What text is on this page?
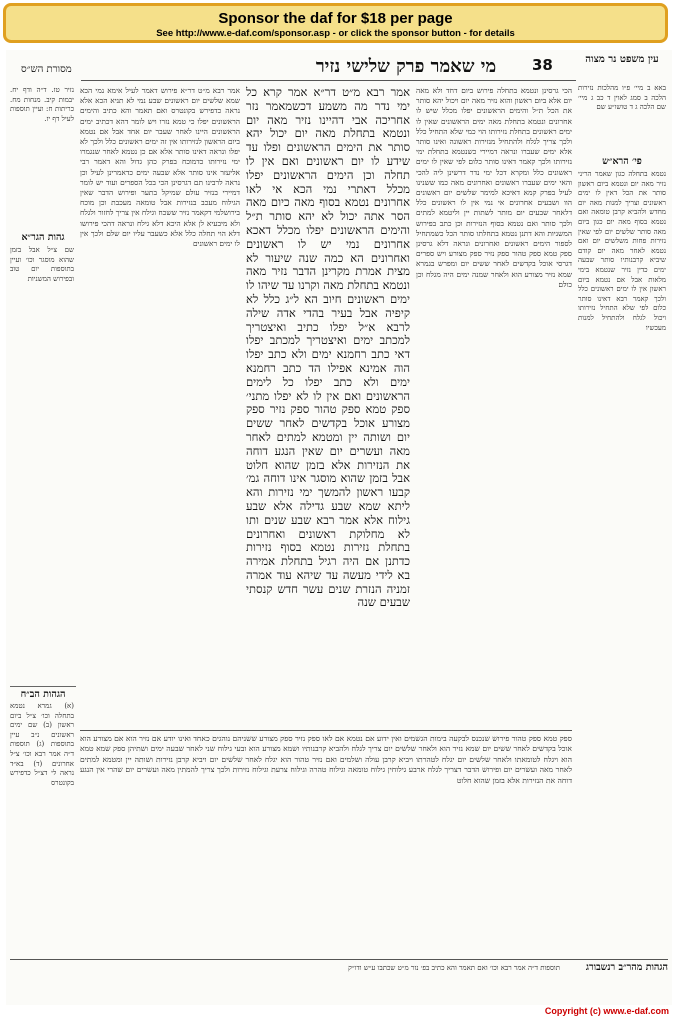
Sponsor the daf for $18 per page
See http://www.e-daf.com/sponsor.asp - or click the sponsor button - for details
38
מי שאמר פרק שלישי נזיר
מסורת הש״ס
עין משפט נר מצוה
נזיר טז. ד״ה ודף יח. יבמות קיב. מנחות מח. כריתות ח: ועיין תוספות לעיל דף יז.
גהות הגר״א
שם צ״ל אבל בזמן שהוא מוסגר וכו׳ ועיין בתוספות יום טוב ובפירוש המשניות
הגהות הב״ח
(א) גמרא נטמא בתחלה וכו׳ צ״ל ביום ראשון (ב) שם ימים ראשונים נ״ב עיין בתוספות (ג) תוספות ד״ה אמר רבא וכו׳ צ״ל אחרונים (ד) בא״ד נראה לי דצ״ל כדפירש בקונטרס
אמר רבא מ״ט דר״א פירוש דאמר לעיל אימא נמי הכא שמא שלשים יום ראשונים שבע נמי לא תניא הכא אלא נראה כדפירש בקונטרס ואם תאמר והא כתיב והימים הראשונים יפלו כי טמא נזרו ויש לומר דהא דכתיב ימים הראשונים היינו לאחר שעבר יום אחד אבל אם נטמא ביום הראשון לנזירותו אין זה ימים ראשונים כלל ולכך לא יפלו ונראה דאינו סותר אלא אם כן נטמא לאחר שנגמרו ימי נזירותו כדמוכח בפרק כהן גדול והא דאמר רבי אליעזר אינו סותר אלא שבעה ימים כדאמרינן לעיל וכן נראה לרבינו תם דגרסינן הכי בכל הספרים ועוד יש לומר דמיירי בנזיר עולם שמיקל בתער ופירוש הדבר שאין הגילוח מעכב בנזירות אבל טומאה מעכבת וכן מוכח בירושלמי דקאמר נזיר ששכח וגילח אין צריך לחזור ולגלח ולא מיבעיא לן אלא היכא דלא גילח ונראה דהכי פירושו דלא הוי תחלה כלל אלא כשעבר עליו יום שלם ולכך אין לו ימים ראשונים
הכי גרסינן ונטמא בתחלה פירוש ביום דחד ולא מאה יום אלא ביום ראשון והוא נזיר מאה יום ויכול יהא סותר את הכל ת״ל והימים הראשונים יפלו מכלל שיש לו אחרונים ונטמא בתחלת מאה ימים הראשונים שאין לו ימים ראשונים בתחלת נזירותו הוי כמי שלא התחיל כלל ולכך צריך לגלח ולהתחיל מנזירות ראשונה ואינו סותר אלא ימים שעברו ונראה דמיירי כשנטמא בתחלת ימי נזירותו ולכך קאמר דאינו סותר כלום לפי שאין לו ימים ראשונים כלל ומקרא דכל ימי נדר דרשינן ליה להכי והאי ימים שעברו ראשונים ואחרונים מאה כמו ששנינו לעיל בפרק קמא דאיכא למימר שלשים יום ראשונים הוו ושבעים אחרונים אי נמי אין לו ראשונים כלל דלאחר שבעים יום מותר לשתות יין וליטמא למתים ולכך סותר ואם נטמא בסוף הנזירות וכן כתב בפירוש המשניות והא דתנן נטמא בתחלתו סותר הכל כשמתחיל לספור הימים ראשונים ואחרונים ונראה דלא גרסינן ספק טמא ספק טהור ספק נזיר ספק מצורע ויש ספרים דגרסי אוכל בקדשים לאחר ששים יום ומפרש בגמרא שמא נזיר מצורע הוא ולאחר שמנה ימים היה מגלח וכן כולם
אמר רבא מ״ט דר״א אמר קרא כל ימי נדר מה משמע דכשמאמר נזר אחריכה אבי דהיינו נזיר מאה יום ונטמא בתחלת מאה יום יכול יהא סותר את הימים הראשונים ופלו עד שידע לו יום ראשונים ואם אין לו תחלה וכן הימים הראשונים יפלו מכלל דאתרי נמי הכא אי לאו אחרונים נטמא בסוף מאה כיום מאה הסר אתה יכול לא יהא סותר ת״ל והימים הראשונים יפלו מכלל דאכא אחרונים נמי יש לו ראשונים ואחרונים הא כמה שנה שיעור לא מצית אמרת מקרינן הדבר נזיר מאה ונטמא בתחלת מאה וקרנו עד שיהו לו ימים ראשונים חיוב הא ל״ג כלל לא קיפיה אבל בעיר בהדי אדה שילה לרבא א״ל יפלו כתיב ואיצטריך למכתב ימים ואיצטריך למכתב יפלו דאי כתב רחמנא ימים ולא כתב יפלו הוה אמינא אפילו הד כתב רחמנא ימים ולא כתב יפלו כל לימים הראשונים ואם אין לו לא יפלו מתני׳ ספק טמא ספק טהור ספק נזיר ספק מצורע אוכל בקדשים לאחר ששים יום ושותה יין ומטמא למתים לאחר מאה ועשרים יום שאין הנגע דוחה את הנזירות אלא בזמן שהוא חלוט אבל בזמן שהוא מוסגר אינו דוחה גמ׳ קבעו ראשון להמשך ימי נזירות והא ליתא שמא שבע גדילה אלא שבע גילוח אלא אמר רבא שבע שנים ותו לא מחלוקת ראשונים ואחרונים בתחלת נזירות נטמא בסוף נזירות כדתנן אם היה רגיל בתחלת אמירה בא לידי מעשה עד שיהא עוד אמרה זמניה הנזרת שנים עשר חדש קנסתי שבעים שנה
ספק טמא ספק טהור פירוש שנכנס לבקעה בימות הגשמים ואין ידוע אם נטמא אם לאו ספק נזיר ספק מצורע ששניהם נוהגים כאחד ואינו יודע אם נזיר הוא אם מצורע הוא אוכל בקדשים לאחר ששים יום שמא נזיר הוא ולאחר שלשים יום צריך לגלח ולהביא קרבנותיו ושמא מצורע הוא ובעי גילוח שני לאחר שבעה ימים ושתיהן ספק שמא טמא הוא ויגלח לטומאתו ולאחר שלשים יום יגלח לטהרתו ויביא קרבן עולה ושלמים ואם נזיר טהור הוא יגלח לאחר שלשים יום ויביא קרבן נזירות ושותה יין ומטמא למתים לאחר מאה ועשרים יום ופירוש הדבר דצריך לגלח ארבע גילוחין גילוח טומאה וגילוח טהרה וגילוח צרעת וגילוח נזירות ולכך צריך להמתין מאה ועשרים יום שהרי אין הנגע דוחה את הנזירות אלא בזמן שהוא חלוט
באא ב מיי׳ פ״ו מהלכות נזירות הלכה ב סמג לאוין ד כב ג מיי׳ שם הלכה ג ד טושו״ע שם
פי׳ הרא״ש
נטמא בתחלה כגון שאמר הריני נזיר מאה יום ונטמא ביום ראשון סותר את הכל דאין לו ימים ראשונים וצריך למנות מאה יום מחדש ולהביא קרבן טומאה ואם נטמא בסוף מאה יום כגון ביום מאה סותר שלשים יום לפי שאין נזירות פחות משלשים יום ואם נטמא לאחר מאה יום קודם שיביא קרבנותיו סותר שבעה ימים כדין נזיר שנטמא בימי מלאות אבל אם נטמא ביום ראשון אין לו ימים ראשונים כלל ולכך קאמר רבא דאינו סותר כלום לפי שלא התחיל נזירותו ויכול לגלח ולהתחיל למנות מעכשיו
הגהות מהר״ב רנשבורג
תוספות ד״ה אמר רבא וכו׳ ואם תאמר והא כתיב בפ׳ נזר מ״ט שכתבו ע״ש ודו״ק
Copyright (c) www.e-daf.com
